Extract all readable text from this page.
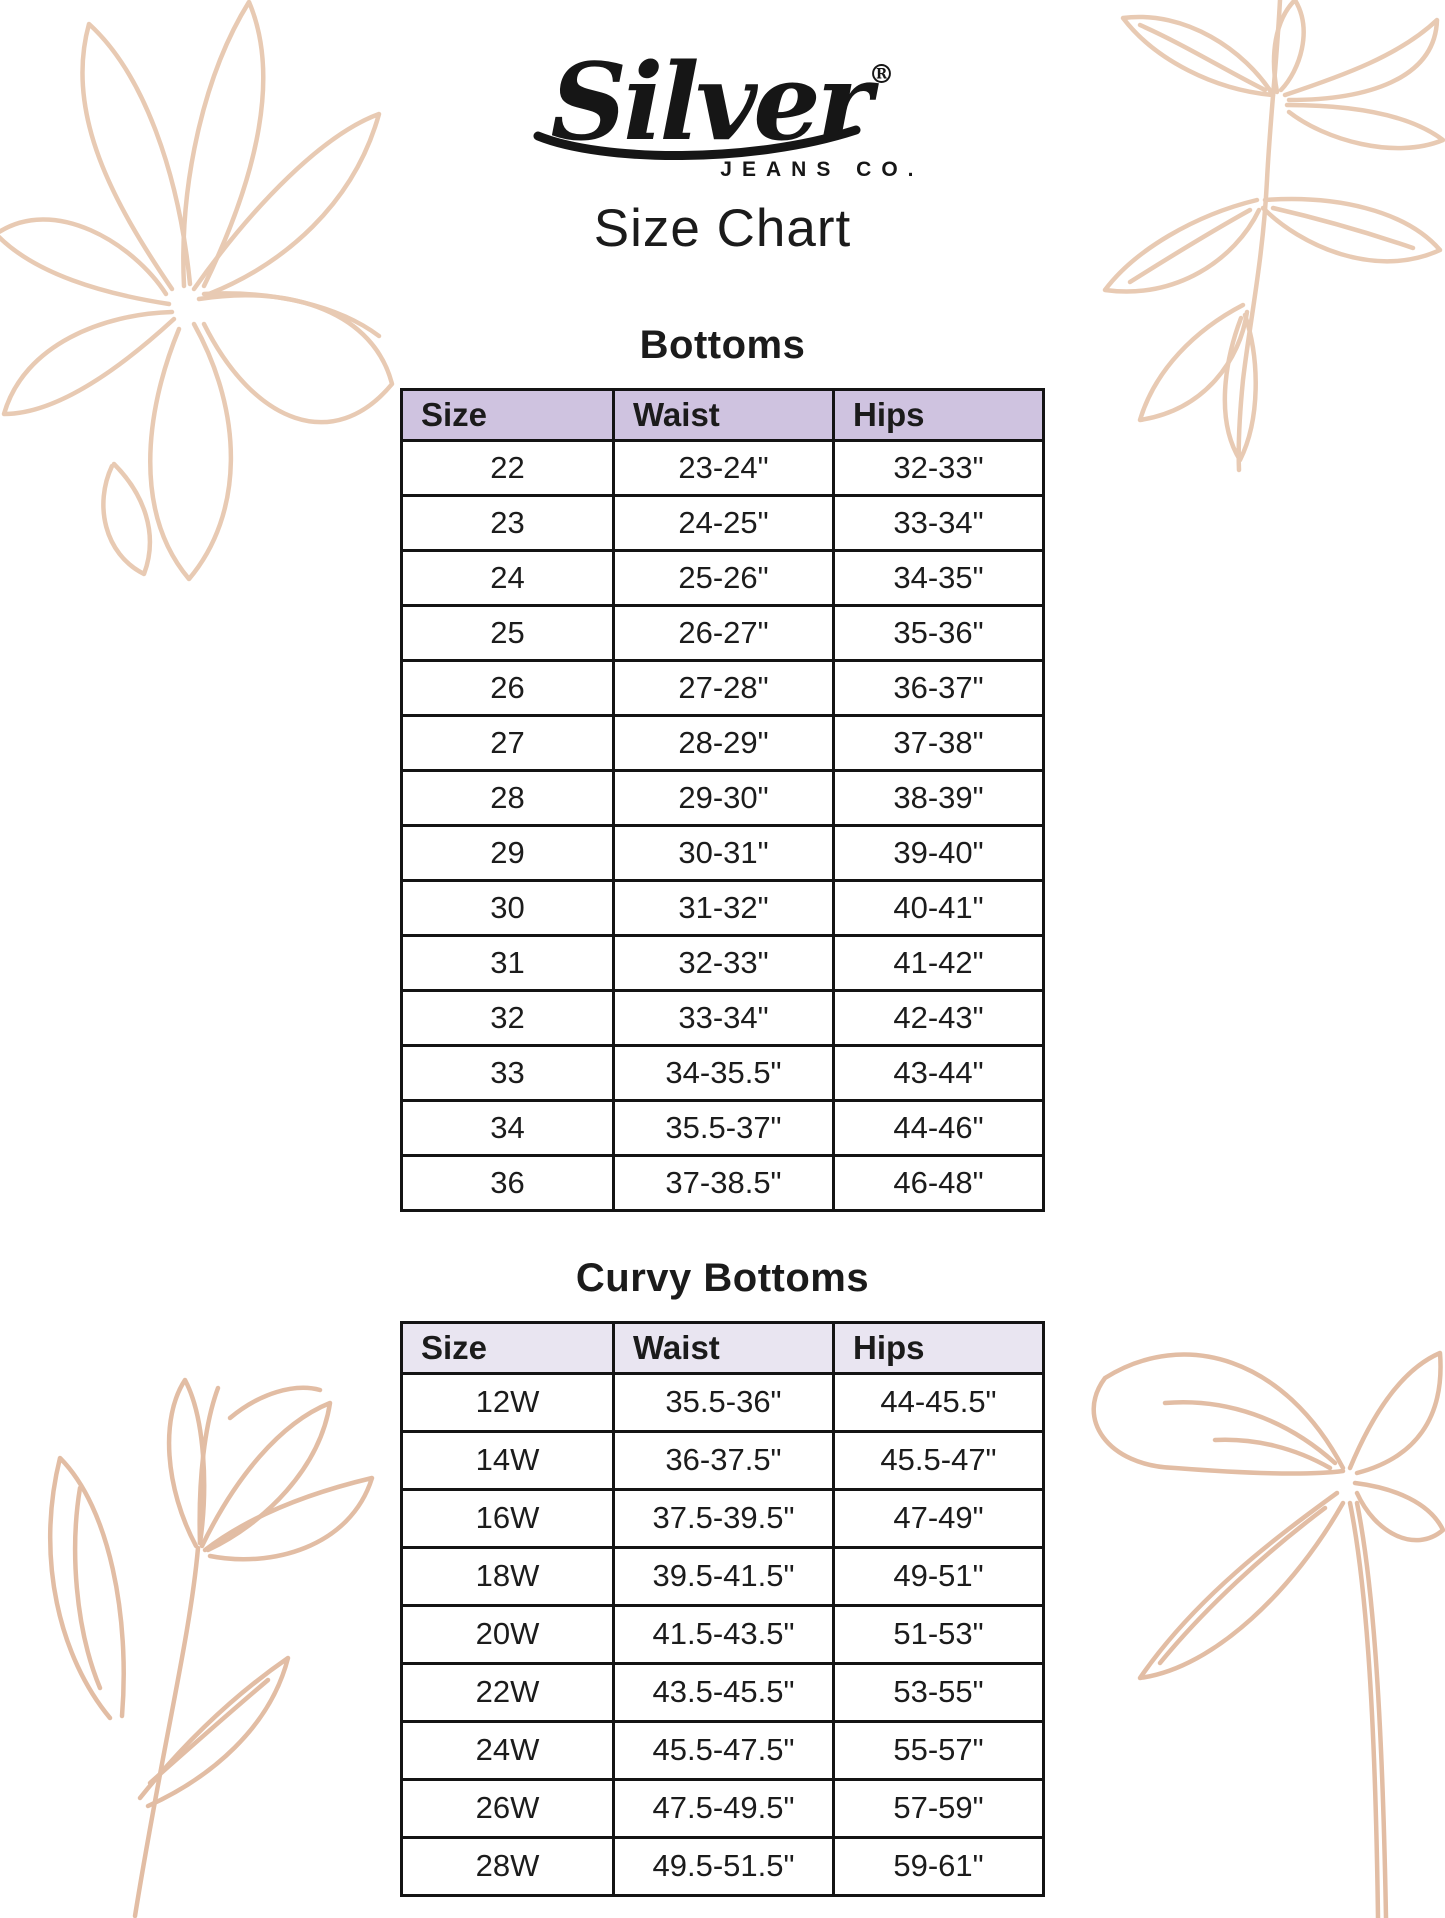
Silver®
JEANS CO.
Size Chart
Bottoms
Size	Waist	Hips
22	23-24"	32-33"
23	24-25"	33-34"
24	25-26"	34-35"
25	26-27"	35-36"
26	27-28"	36-37"
27	28-29"	37-38"
28	29-30"	38-39"
29	30-31"	39-40"
30	31-32"	40-41"
31	32-33"	41-42"
32	33-34"	42-43"
33	34-35.5"	43-44"
34	35.5-37"	44-46"
36	37-38.5"	46-48"
Curvy Bottoms
Size	Waist	Hips
12W	35.5-36"	44-45.5"
14W	36-37.5"	45.5-47"
16W	37.5-39.5"	47-49"
18W	39.5-41.5"	49-51"
20W	41.5-43.5"	51-53"
22W	43.5-45.5"	53-55"
24W	45.5-47.5"	55-57"
26W	47.5-49.5"	57-59"
28W	49.5-51.5"	59-61"
